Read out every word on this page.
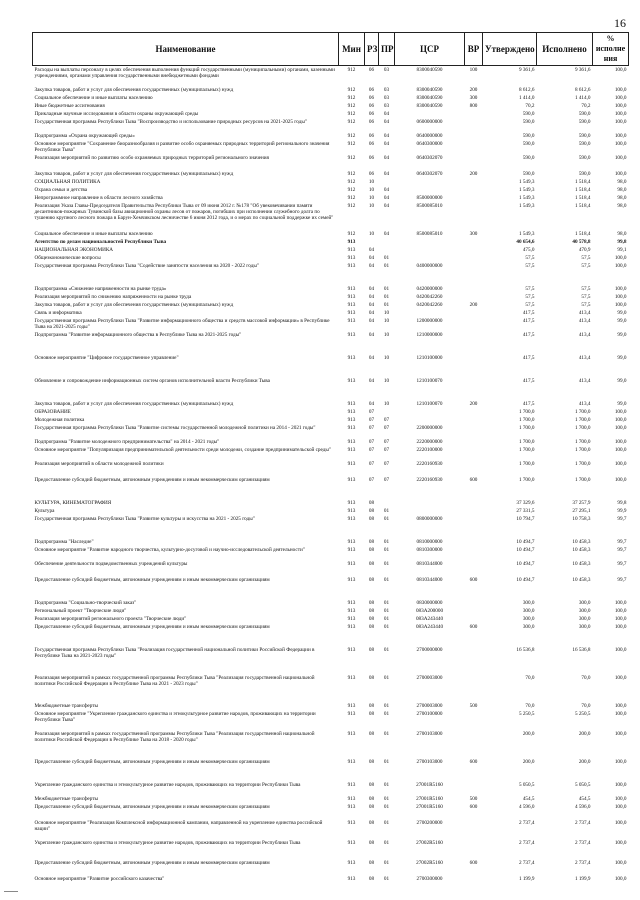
16
Наименование	Мин	РЗ	ПР	ЦСР	ВР	Утверждено	Исполнено	% исполне ния
Расходы на выплаты персоналу в целях обеспечения выполнения функций государственными (муниципальными) органами, казенными учреждениями, органами управления государственными внебюджетными фондами	912	06	03	8300040590	100	9 361,6	9 361,6	100,0
Закупка товаров, работ и услуг для обеспечения государственных (муниципальных) нужд	912	06	03	8300040590	200	8 612,6	8 612,6	100,0
Социальное обеспечение и иные выплаты населению	912	06	03	8300040590	300	1 414,0	1 414,0	100,0
Иные бюджетные ассигнования	912	06	03	8300040590	800	70,2	70,2	100,0
Прикладные научные исследования в области охраны окружающей среды	912	06	04			590,0	590,0	100,0
Государственная программа Республики Тыва "Воспроизводство и использование природных ресурсов на 2021-2025 годы"	912	06	04	0600000000		590,0	590,0	100,0
Подпрограмма «Охрана окружающей среды»	912	06	04	0640000000		590,0	590,0	100,0
Основное мероприятие "Сохранение биоразнообразия и развитие особо охраняемых природных территорий регионального значения Республики Тыва"	912	06	04	0640300000		590,0	590,0	100,0
Реализация мероприятий по развитию особо охраняемых природных территорий регионального значения	912	06	04	0640302070		590,0	590,0	100,0
Закупка товаров, работ и услуг для обеспечения государственных (муниципальных) нужд	912	06	04	0640302070	200	590,0	590,0	100,0
СОЦИАЛЬНАЯ ПОЛИТИКА	912	10				1 549,3	1 518,4	98,0
Охрана семьи и детства	912	10	04			1 549,3	1 518,4	98,0
Непрограммное направление в области лесного хозяйства	912	10	04	8500000000		1 549,3	1 518,4	98,0
Реализация Указа Главы-Председателя Правительства Республики Тыва от 09 июня 2012 г. №178 "Об увековечивании памяти десантников-пожарных Тувинской базы авиационной охраны лесов от пожаров, погибших при исполнении служебного долга по тушению крупного лесного пожара в Барун-Хемчикском лесничестве 6 июня 2012 года, и о мерах по социальной поддержке их семей"	912	10	04	8500085010		1 549,3	1 518,4	98,0
Социальное обеспечение и иные выплаты населению	912	10	04	8500085010	300	1 549,3	1 518,4	98,0
Агентство по делам национальностей Республики Тыва	913					40 654,6	40 578,8	99,8
НАЦИОНАЛЬНАЯ ЭКОНОМИКА	913	04				475,0	470,9	99,1
Общеэкономические вопросы	913	04	01			57,5	57,5	100,0
Государственная программа Республики Тыва "Содействие занятости населения на 2020 - 2022 годы"	913	04	01	0400000000		57,5	57,5	100,0
Подпрограмма «Снижение напряженности на рынке труда»	913	04	01	0420000000		57,5	57,5	100,0
Реализация мероприятий по снижению напряженности на рынке труда	913	04	01	0420042260		57,5	57,5	100,0
Закупка товаров, работ и услуг для обеспечения государственных (муниципальных) нужд	913	04	01	0420042260	200	57,5	57,5	100,0
Связь и информатика	913	04	10			417,5	413,4	99,0
Государственная программа Республики Тыва "Развитие информационного общества и средств массовой информации» в Республике Тыва на 2021-2025 годы"	913	04	10	1200000000		417,5	413,4	99,0
Подпрограмма "Развитие информационного общества в Республике Тыва на 2021-2025 годы"	913	04	10	1210000000		417,5	413,4	99,0
Основное мероприятие "Цифровое государственное управление"	913	04	10	1210100000		417,5	413,4	99,0
Обновление и сопровождение информационных систем органов исполнительной власти Республики Тыва	913	04	10	1210100070		417,5	413,4	99,0
Закупка товаров, работ и услуг для обеспечения государственных (муниципальных) нужд	913	04	10	1210100070	200	417,5	413,4	99,0
ОБРАЗОВАНИЕ	913	07				1 700,0	1 700,0	100,0
Молодежная политика	913	07	07			1 700,0	1 700,0	100,0
Государственная программа Республики Тыва "Развитие системы государственной молодежной политики на 2014 - 2021 годы"	913	07	07	2200000000		1 700,0	1 700,0	100,0
Подпрограмма "Развитие молодежного предпринимательства" на 2014 - 2021 годы"	913	07	07	2220000000		1 700,0	1 700,0	100,0
Основное мероприятие "Популяризация предпринимательской деятельности среди молодежи, создание предпринимательской среды"	913	07	07	2220100000		1 700,0	1 700,0	100,0
Реализация мероприятий в области молодежной политики	913	07	07	2220160930		1 700,0	1 700,0	100,0
Предоставление субсидий бюджетным, автономным учреждениям и иным некоммерческим организациям	913	07	07	2220160930	600	1 700,0	1 700,0	100,0
КУЛЬТУРА, КИНЕМАТОГРАФИЯ	913	08				37 329,6	37 257,9	99,8
Культура	913	08	01			27 331,5	27 295,1	99,9
Государственная программа Республики Тыва "Развитие культуры и искусства на 2021 - 2025 годы"	913	08	01	0800000000		10 794,7	10 758,3	99,7
Подпрограмма "Наследие"	913	08	01	0810000000		10 494,7	10 458,3	99,7
Основное мероприятие "Развитие народного творчества, культурно-досуговой и научно-исследовательской деятельности"	913	08	01	0810300000		10 494,7	10 458,3	99,7
Обеспечение деятельности подведомственных учреждений культуры	913	08	01	0810344000		10 494,7	10 458,3	99,7
Предоставление субсидий бюджетным, автономным учреждениям и иным некоммерческим организациям	913	08	01	0810344000	600	10 494,7	10 458,3	99,7
Подпрограмма "Социально-творческий заказ"	913	08	01	0830000000		300,0	300,0	100,0
Региональный проект "Творческие люди"	913	08	01	083A200000		300,0	300,0	100,0
Реализация мероприятий регионального проекта "Творческие люди"	913	08	01	083A243440		300,0	300,0	100,0
Предоставление субсидий бюджетным, автономным учреждениям и иным некоммерческим организациям	913	08	01	083A243440	600	300,0	300,0	100,0
Государственная программа Республики Тыва "Реализация государственной национальной политики Российской Федерации в Республике Тыва на 2021-2023 годы"	913	08	01	2700000000		16 536,8	16 536,8	100,0
Реализация мероприятий в рамках государственной программы Республики Тыва "Реализация государственной национальной политики Российской Федерации в Республике Тыва на 2021 - 2023 годы"	913	08	01	2700003000		70,0	70,0	100,0
Межбюджетные трансферты	913	08	01	2700003000	500	70,0	70,0	100,0
Основное мероприятие "Укрепление гражданского единства и этнокультурное развитие народов, проживающих на территории Республики Тыва"	913	08	01	2700100000		5 250,5	5 250,5	100,0
Реализация мероприятий в рамках государственной программы Республики Тыва "Реализация государственной национальной политики Российской Федерации в Республике Тыва на 2018 - 2020 годы"	913	08	01	2700103000		200,0	200,0	100,0
Предоставление субсидий бюджетным, автономным учреждениям и иным некоммерческим организациям	913	08	01	2700103000	600	200,0	200,0	100,0
Укрепление гражданского единства и этнокультурное развитие народов, проживающих на территории Республики Тыва	913	08	01	27001R5160		5 050,5	5 050,5	100,0
Межбюджетные трансферты	913	08	01	27001R5160	500	454,5	454,5	100,0
Предоставление субсидий бюджетным, автономным учреждениям и иным некоммерческим организациям	913	08	01	27001R5160	600	4 596,0	4 596,0	100,0
Основное мероприятие "Реализация Комплексной информационной кампании, направленной на укрепление единства российской нации"	913	08	01	2700200000		2 737,4	2 737,4	100,0
Укрепление гражданского единства и этнокультурное развитие народов, проживающих на территории Республики Тыва	913	08	01	27002R5160		2 737,4	2 737,4	100,0
Предоставление субсидий бюджетным, автономным учреждениям и иным некоммерческим организациям	913	08	01	27002R5160	600	2 737,4	2 737,4	100,0
Основное мероприятие "Развитие российского казачества"	913	08	01	2700300000		1 199,9	1 199,9	100,0
